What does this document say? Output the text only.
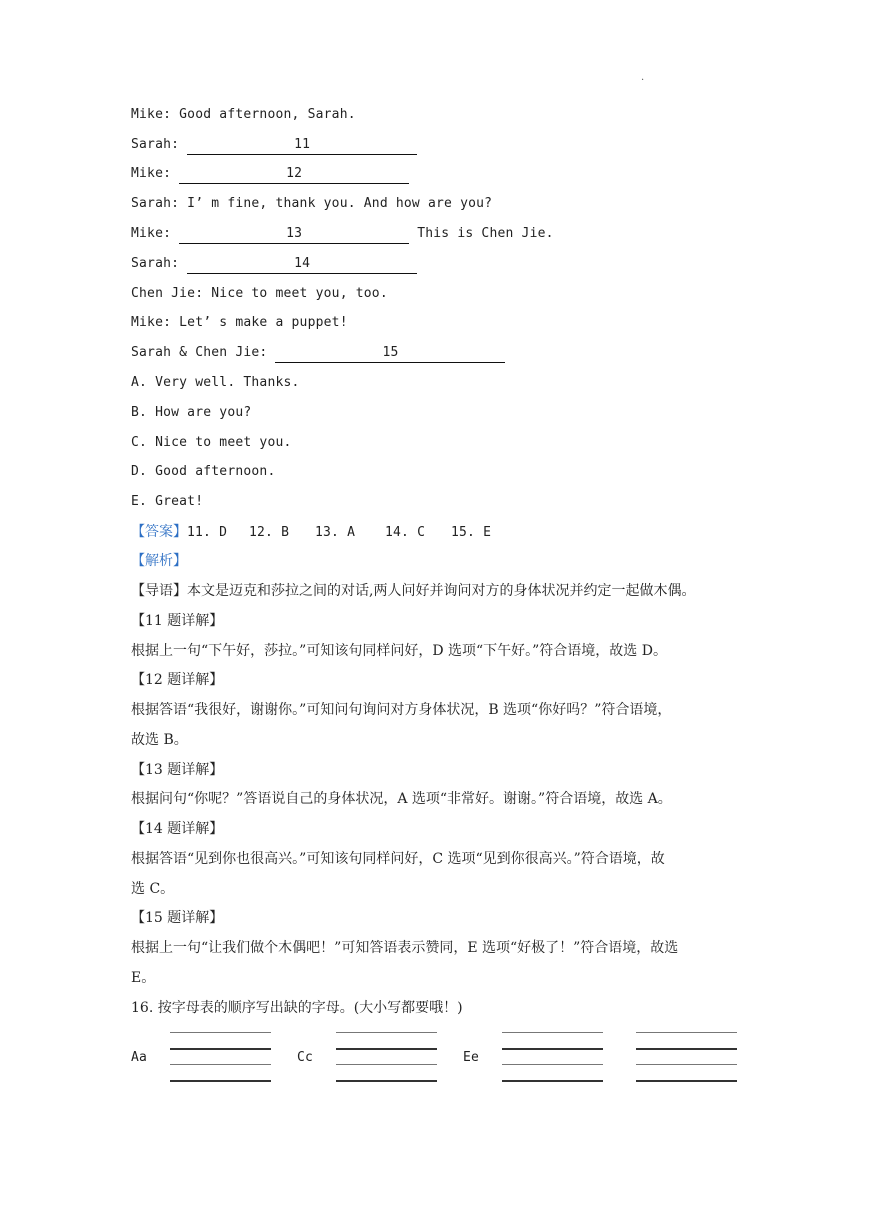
.
Mike: Good afternoon, Sarah.
Sarah:	11
Mike:	12
Sarah: I’ m fine, thank you. And how are you?
Mike:	13	This is Chen Jie.
Sarah:	14
Chen Jie: Nice to meet you, too.
Mike: Let’ s make a puppet!
Sarah & Chen Jie:	15
A. Very well. Thanks.
B. How are you?
C. Nice to meet you.
D. Good afternoon.
E. Great!
【答案】11. D 12. B 13. A 14. C 15. E
【解析】
【导语】本文是迈克和莎拉之间的对话,两人问好并询问对方的身体状况并约定一起做木偶。
【11 题详解】
根据上一句“下午好，莎拉。”可知该句同样问好，D 选项“下午好。”符合语境，故选 D。
【12 题详解】
根据答语“我很好，谢谢你。”可知问句询问对方身体状况，B 选项“你好吗？”符合语境，
故选 B。
【13 题详解】
根据问句“你呢？”答语说自己的身体状况，A 选项“非常好。谢谢。”符合语境，故选 A。
【14 题详解】
根据答语“见到你也很高兴。”可知该句同样问好，C 选项“见到你很高兴。”符合语境，故
选 C。
【15 题详解】
根据上一句“让我们做个木偶吧！”可知答语表示赞同，E 选项“好极了！”符合语境，故选
E。
16. 按字母表的顺序写出缺的字母。(大小写都要哦！)
Aa	Cc	Ee
